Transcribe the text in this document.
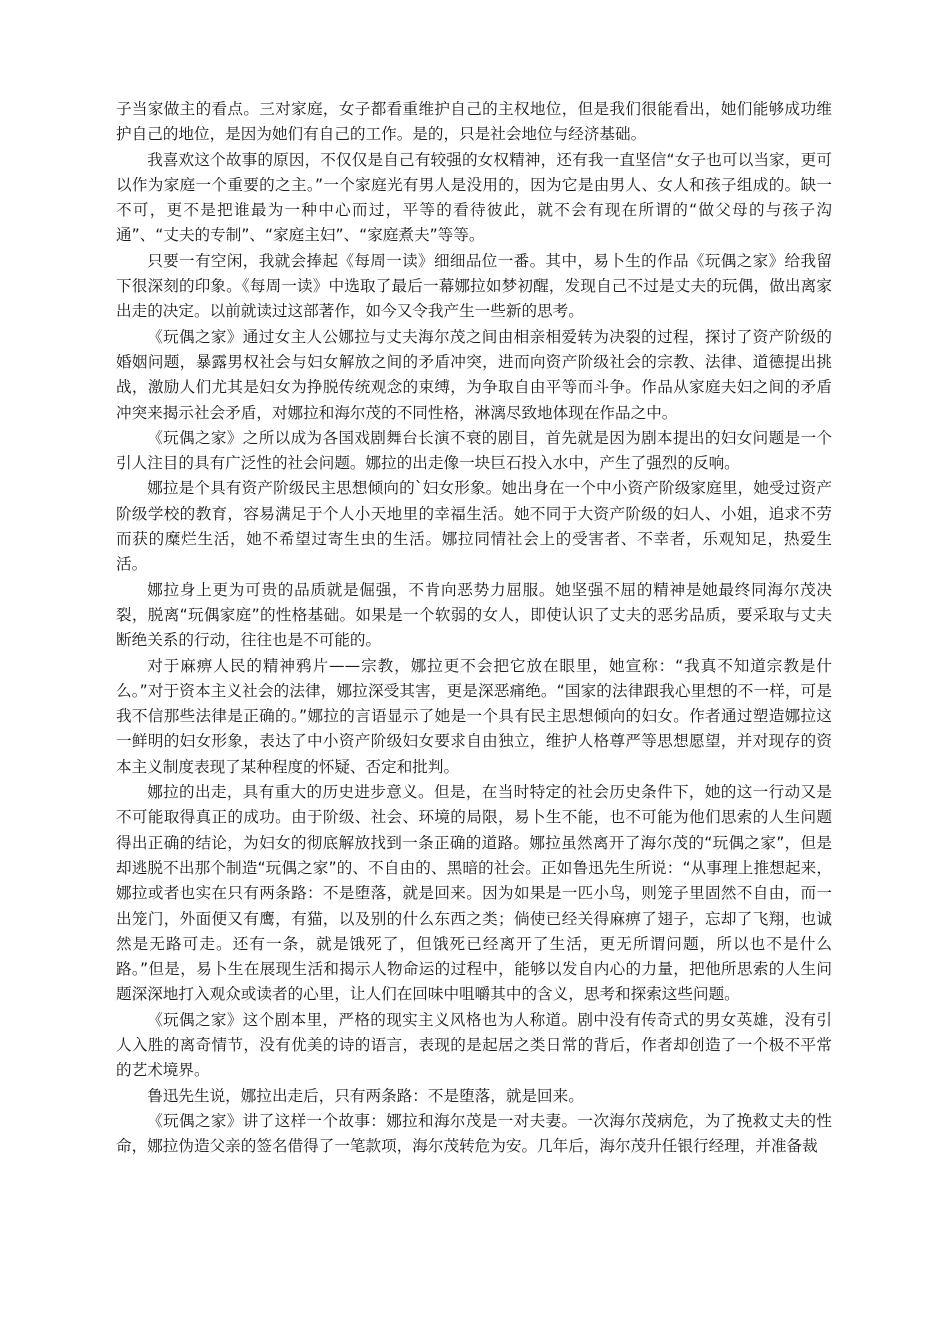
子当家做主的看点。三对家庭，女子都看重维护自己的主权地位，但是我们很能看出，她们能够成功维护自己的地位，是因为她们有自己的工作。是的，只是社会地位与经济基础。

我喜欢这个故事的原因，不仅仅是自己有较强的女权精神，还有我一直坚信“女子也可以当家，更可以作为家庭一个重要的之主。”一个家庭光有男人是没用的，因为它是由男人、女人和孩子组成的。缺一不可，更不是把谁最为一种中心而过，平等的看待彼此，就不会有现在所谓的“做父母的与孩子沟通”、“丈夫的专制”、“家庭主妇”、“家庭煮夫”等等。

只要一有空闲，我就会捧起《每周一读》细细品位一番。其中，易卜生的作品《玩偶之家》给我留下很深刻的印象。《每周一读》中选取了最后一幕娜拉如梦初醒，发现自己不过是丈夫的玩偶，做出离家出走的决定。以前就读过这部著作，如今又令我产生一些新的思考。

《玩偶之家》通过女主人公娜拉与丈夫海尔茂之间由相亲相爱转为决裂的过程，探讨了资产阶级的婚姻问题，暴露男权社会与妇女解放之间的矛盾冲突，进而向资产阶级社会的宗教、法律、道德提出挑战，激励人们尤其是妇女为挣脱传统观念的束缚，为争取自由平等而斗争。作品从家庭夫妇之间的矛盾冲突来揭示社会矛盾，对娜拉和海尔茂的不同性格，淋漓尽致地体现在作品之中。

《玩偶之家》之所以成为各国戏剧舞台长演不衰的剧目，首先就是因为剧本提出的妇女问题是一个引人注目的具有广泛性的社会问题。娜拉的出走像一块巨石投入水中，产生了强烈的反响。

娜拉是个具有资产阶级民主思想倾向的`妇女形象。她出身在一个中小资产阶级家庭里，她受过资产阶级学校的教育，容易满足于个人小天地里的幸福生活。她不同于大资产阶级的妇人、小姐，追求不劳而获的糜烂生活，她不希望过寄生虫的生活。娜拉同情社会上的受害者、不幸者，乐观知足，热爱生活。

娜拉身上更为可贵的品质就是倔强，不肯向恶势力屈服。她坚强不屈的精神是她最终同海尔茂决裂，脱离“玩偶家庭”的性格基础。如果是一个软弱的女人，即使认识了丈夫的恶劣品质，要采取与丈夫断绝关系的行动，往往也是不可能的。

对于麻痹人民的精神鸦片——宗教，娜拉更不会把它放在眼里，她宣称：“我真不知道宗教是什么。”对于资本主义社会的法律，娜拉深受其害，更是深恶痛绝。“国家的法律跟我心里想的不一样，可是我不信那些法律是正确的。”娜拉的言语显示了她是一个具有民主思想倾向的妇女。作者通过塑造娜拉这一鲜明的妇女形象，表达了中小资产阶级妇女要求自由独立，维护人格尊严等思想愿望，并对现存的资本主义制度表现了某种程度的怀疑、否定和批判。

娜拉的出走，具有重大的历史进步意义。但是，在当时特定的社会历史条件下，她的这一行动又是不可能取得真正的成功。由于阶级、社会、环境的局限，易卜生不能，也不可能为他们思索的人生问题得出正确的结论，为妇女的彻底解放找到一条正确的道路。娜拉虽然离开了海尔茂的“玩偶之家”，但是却逃脱不出那个制造“玩偶之家”的、不自由的、黑暗的社会。正如鲁迅先生所说：“从事理上推想起来，娜拉或者也实在只有两条路：不是堕落，就是回来。因为如果是一匹小鸟，则笼子里固然不自由，而一出笼门，外面便又有鹰，有猫，以及别的什么东西之类；倘使已经关得麻痹了翅子，忘却了飞翔，也诚然是无路可走。还有一条，就是饿死了，但饿死已经离开了生活，更无所谓问题，所以也不是什么路。”但是，易卜生在展现生活和揭示人物命运的过程中，能够以发自内心的力量，把他所思索的人生问题深深地打入观众或读者的心里，让人们在回味中咀嚼其中的含义，思考和探索这些问题。

《玩偶之家》这个剧本里，严格的现实主义风格也为人称道。剧中没有传奇式的男女英雄，没有引人入胜的离奇情节，没有优美的诗的语言，表现的是起居之类日常的背后，作者却创造了一个极不平常的艺术境界。

鲁迅先生说，娜拉出走后，只有两条路：不是堕落，就是回来。

《玩偶之家》讲了这样一个故事：娜拉和海尔茂是一对夫妻。一次海尔茂病危，为了挽救丈夫的性命，娜拉伪造父亲的签名借得了一笔款项，海尔茂转危为安。几年后，海尔茂升任银行经理，并准备裁
